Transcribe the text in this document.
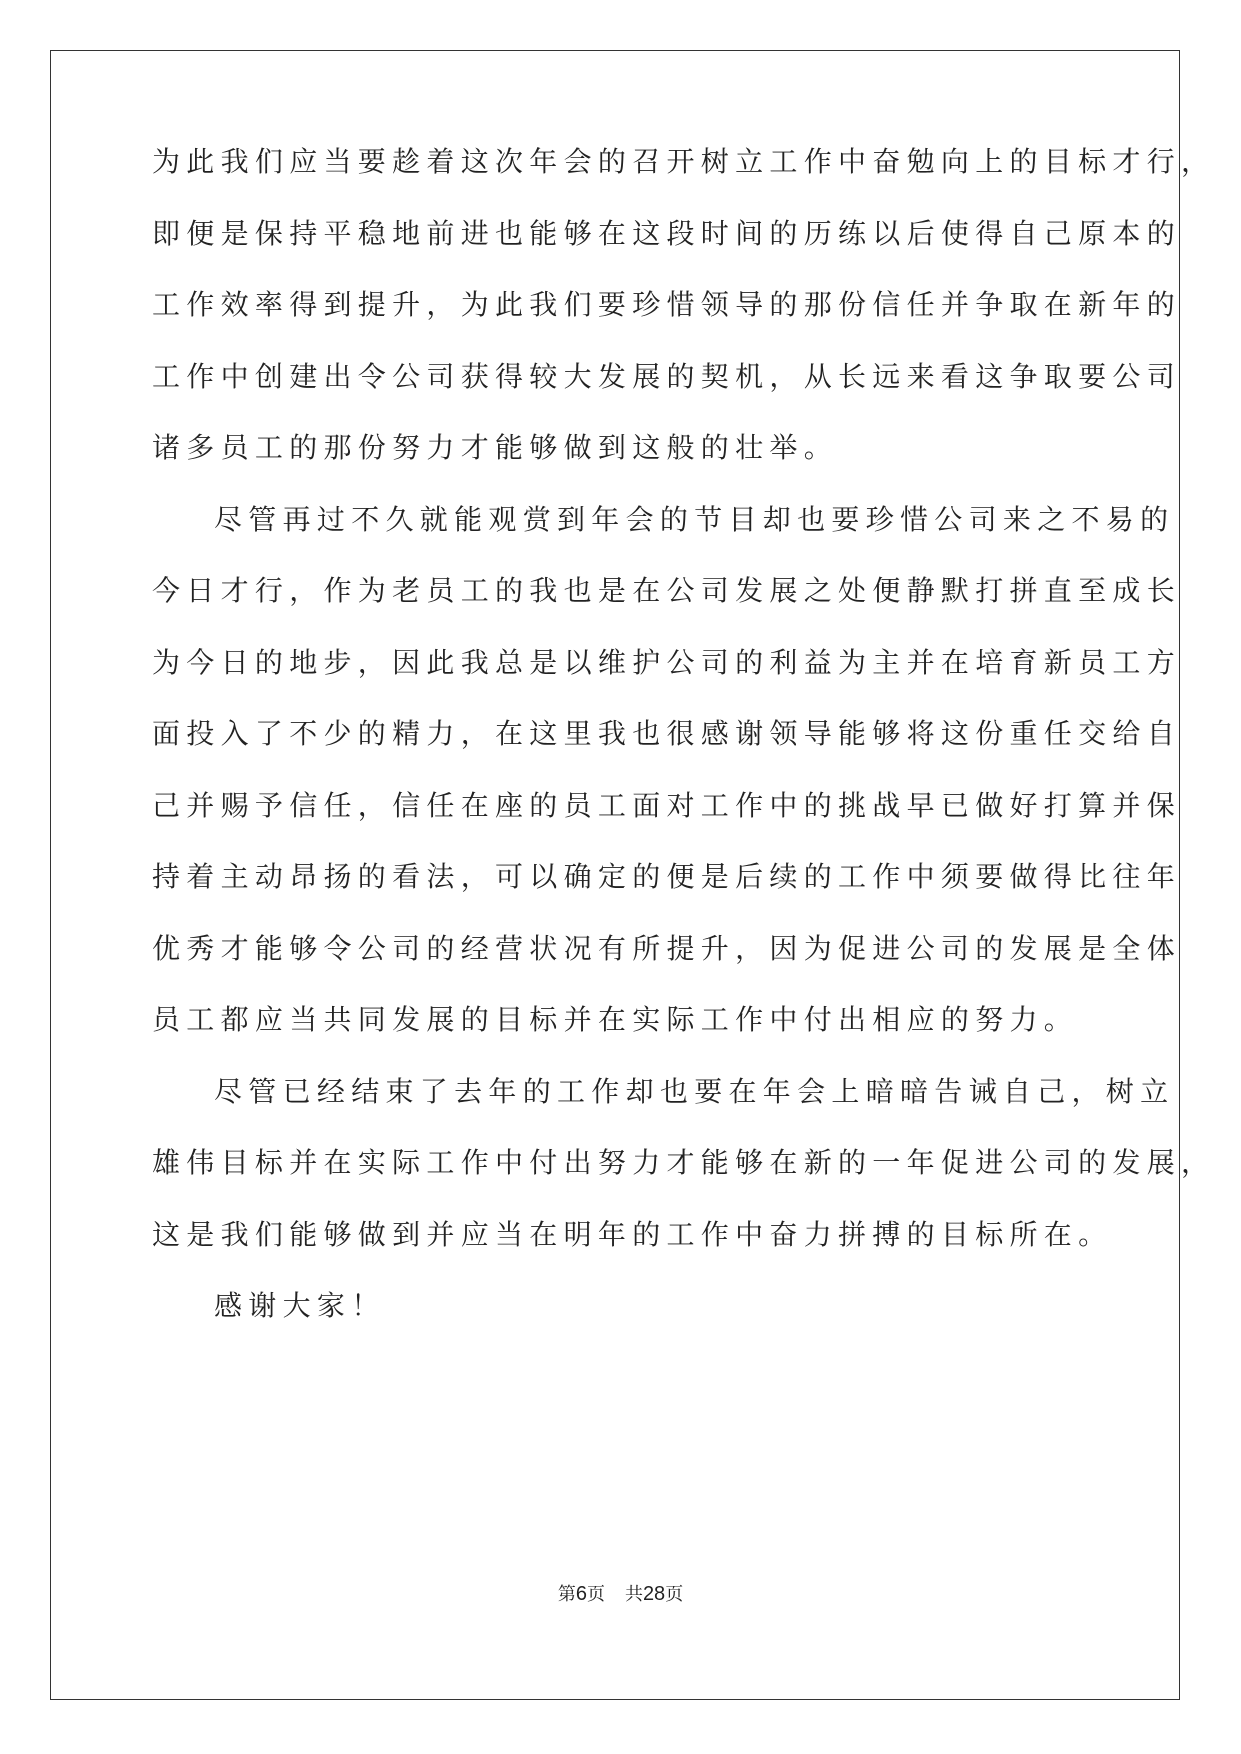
为此我们应当要趁着这次年会的召开树立工作中奋勉向上的目标才行，

即便是保持平稳地前进也能够在这段时间的历练以后使得自己原本的

工作效率得到提升，为此我们要珍惜领导的那份信任并争取在新年的

工作中创建出令公司获得较大发展的契机，从长远来看这争取要公司

诸多员工的那份努力才能够做到这般的壮举。

尽管再过不久就能观赏到年会的节目却也要珍惜公司来之不易的

今日才行，作为老员工的我也是在公司发展之处便静默打拼直至成长

为今日的地步，因此我总是以维护公司的利益为主并在培育新员工方

面投入了不少的精力，在这里我也很感谢领导能够将这份重任交给自

己并赐予信任，信任在座的员工面对工作中的挑战早已做好打算并保

持着主动昂扬的看法，可以确定的便是后续的工作中须要做得比往年

优秀才能够令公司的经营状况有所提升，因为促进公司的发展是全体

员工都应当共同发展的目标并在实际工作中付出相应的努力。

尽管已经结束了去年的工作却也要在年会上暗暗告诫自己，树立

雄伟目标并在实际工作中付出努力才能够在新的一年促进公司的发展，

这是我们能够做到并应当在明年的工作中奋力拼搏的目标所在。

感谢大家！

第6页 共28页
